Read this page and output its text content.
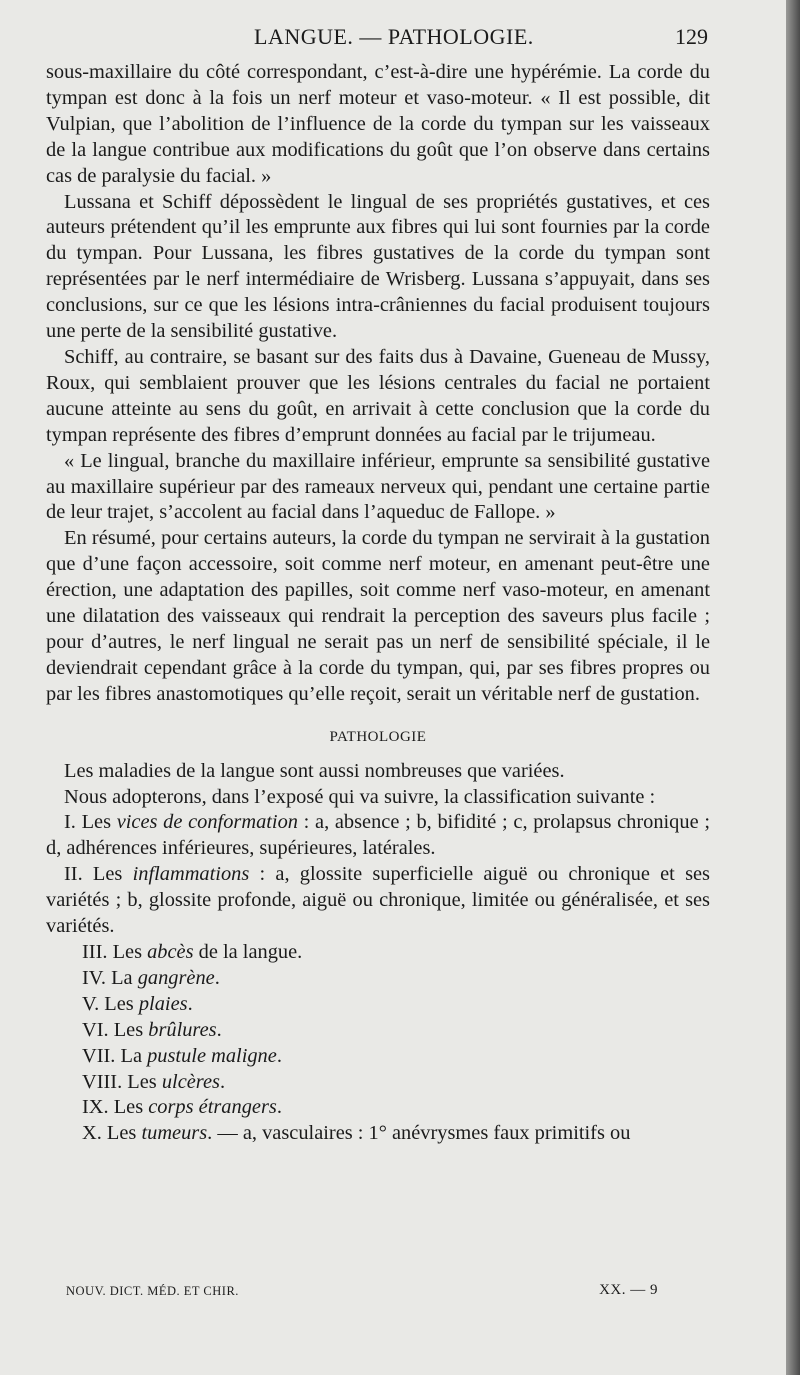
LANGUE. — PATHOLOGIE.	129

sous-maxillaire du côté correspondant, c’est-à-dire une hypérémie. La corde du tympan est donc à la fois un nerf moteur et vaso-moteur. « Il est possible, dit Vulpian, que l’abolition de l’influence de la corde du tympan sur les vaisseaux de la langue contribue aux modifications du goût que l’on observe dans certains cas de paralysie du facial. »

Lussana et Schiff dépossèdent le lingual de ses propriétés gustatives, et ces auteurs prétendent qu’il les emprunte aux fibres qui lui sont fournies par la corde du tympan. Pour Lussana, les fibres gustatives de la corde du tympan sont représentées par le nerf intermédiaire de Wrisberg. Lussana s’appuyait, dans ses conclusions, sur ce que les lésions intra-crâniennes du facial produisent toujours une perte de la sensibilité gustative.

Schiff, au contraire, se basant sur des faits dus à Davaine, Gueneau de Mussy, Roux, qui semblaient prouver que les lésions centrales du facial ne portaient aucune atteinte au sens du goût, en arrivait à cette conclusion que la corde du tympan représente des fibres d’emprunt données au facial par le trijumeau.

« Le lingual, branche du maxillaire inférieur, emprunte sa sensibilité gustative au maxillaire supérieur par des rameaux nerveux qui, pendant une certaine partie de leur trajet, s’accolent au facial dans l’aqueduc de Fallope. »

En résumé, pour certains auteurs, la corde du tympan ne servirait à la gustation que d’une façon accessoire, soit comme nerf moteur, en amenant peut-être une érection, une adaptation des papilles, soit comme nerf vaso-moteur, en amenant une dilatation des vaisseaux qui rendrait la perception des saveurs plus facile ; pour d’autres, le nerf lingual ne serait pas un nerf de sensibilité spéciale, il le deviendrait cependant grâce à la corde du tympan, qui, par ses fibres propres ou par les fibres anastomotiques qu’elle reçoit, serait un véritable nerf de gustation.

PATHOLOGIE

Les maladies de la langue sont aussi nombreuses que variées.

Nous adopterons, dans l’exposé qui va suivre, la classification suivante :

I. Les vices de conformation : a, absence ; b, bifidité ; c, prolapsus chronique ; d, adhérences inférieures, supérieures, latérales.

II. Les inflammations : a, glossite superficielle aiguë ou chronique et ses variétés ; b, glossite profonde, aiguë ou chronique, limitée ou généralisée, et ses variétés.

III. Les abcès de la langue.

IV. La gangrène.

V. Les plaies.

VI. Les brûlures.

VII. La pustule maligne.

VIII. Les ulcères.

IX. Les corps étrangers.

X. Les tumeurs. — a, vasculaires : 1° anévrysmes faux primitifs ou

NOUV. DICT. MÉD. ET CHIR.	XX. — 9
